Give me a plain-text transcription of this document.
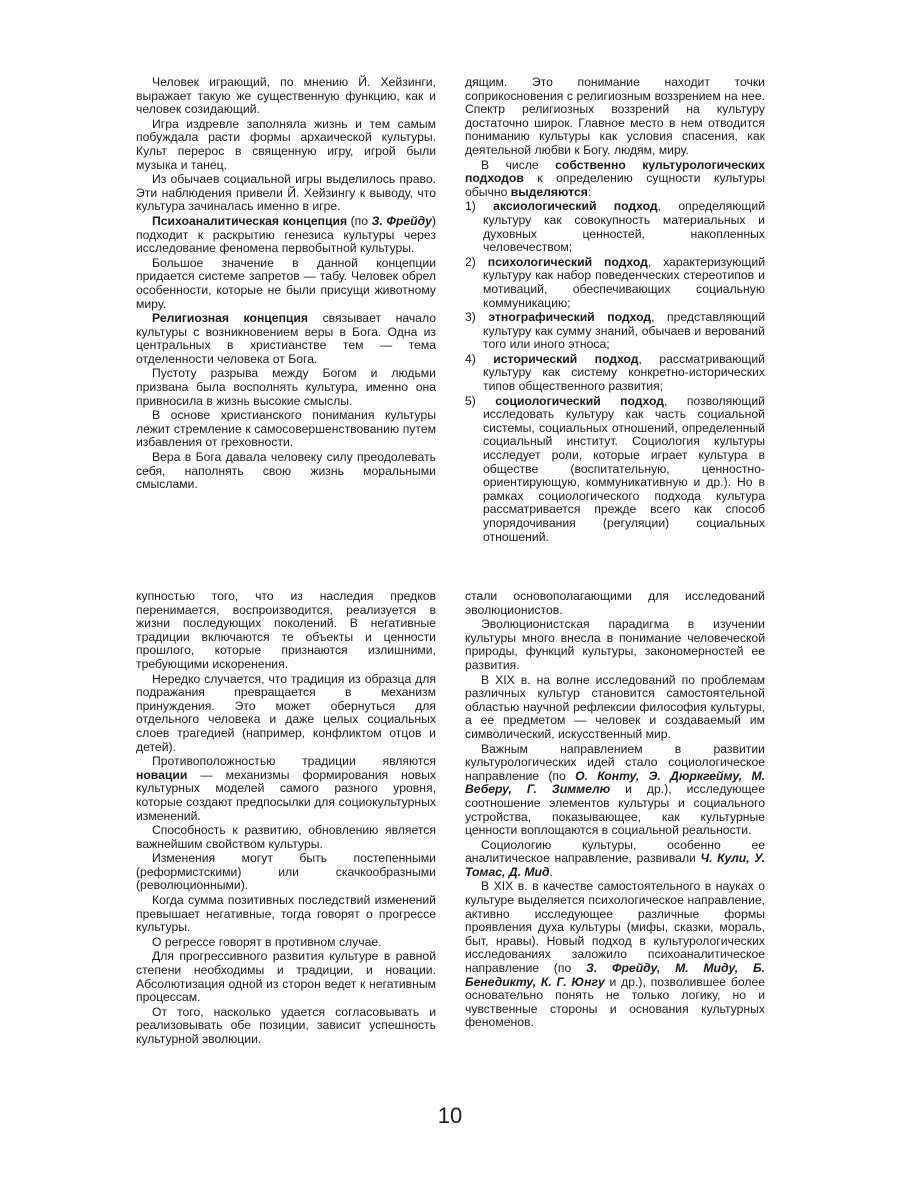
Человек играющий, по мнению Й. Хейзинги, выражает такую же существенную функцию, как и человек созидающий.

Игра издревле заполняла жизнь и тем самым побуждала расти формы архаической культуры. Культ перерос в священную игру, игрой были музыка и танец.

Из обычаев социальной игры выделилось право. Эти наблюдения привели Й. Хейзингу к выводу, что культура зачиналась именно в игре.

Психоаналитическая концепция (по З. Фрейду) подходит к раскрытию генезиса культуры через исследование феномена первобытной культуры.

Большое значение в данной концепции придается системе запретов — табу. Человек обрел особенности, которые не были присущи животному миру.

Религиозная концепция связывает начало культуры с возникновением веры в Бога. Одна из центральных в христианстве тем — тема отделенности человека от Бога.

Пустоту разрыва между Богом и людьми призвана была восполнять культура, именно она привносила в жизнь высокие смыслы.

В основе христианского понимания культуры лежит стремление к самосовершенствованию путем избавления от греховности.

Вера в Бога давала человеку силу преодолевать себя, наполнять свою жизнь моральными смыслами.

дящим. Это понимание находит точки соприкосновения с религиозным воззрением на нее. Спектр религиозных воззрений на культуру достаточно широк. Главное место в нем отводится пониманию культуры как условия спасения, как деятельной любви к Богу, людям, миру.

В числе собственно культурологических подходов к определению сущности культуры обычно выделяются:

1) аксиологический подход, определяющий культуру как совокупность материальных и духовных ценностей, накопленных человечеством;
2) психологический подход, характеризующий культуру как набор поведенческих стереотипов и мотиваций, обеспечивающих социальную коммуникацию;
3) этнографический подход, представляющий культуру как сумму знаний, обычаев и верований того или иного этноса;
4) исторический подход, рассматривающий культуру как систему конкретно-исторических типов общественного развития;
5) социологический подход, позволяющий исследовать культуру как часть социальной системы, социальных отношений, определенный социальный институт. Социология культуры исследует роли, которые играет культура в обществе (воспитательную, ценностно-ориентирующую, коммуникативную и др.). Но в рамках социологического подхода культура рассматривается прежде всего как способ упорядочивания (регуляции) социальных отношений.

купностью того, что из наследия предков перенимается, воспроизводится, реализуется в жизни последующих поколений. В негативные традиции включаются те объекты и ценности прошлого, которые признаются излишними, требующими искоренения.

Нередко случается, что традиция из образца для подражания превращается в механизм принуждения. Это может обернуться для отдельного человека и даже целых социальных слоев трагедией (например, конфликтом отцов и детей).

Противоположностью традиции являются новации — механизмы формирования новых культурных моделей самого разного уровня, которые создают предпосылки для социокультурных изменений.

Способность к развитию, обновлению является важнейшим свойством культуры.

Изменения могут быть постепенными (реформистскими) или скачкообразными (революционными).

Когда сумма позитивных последствий изменений превышает негативные, тогда говорят о прогрессе культуры.

О регрессе говорят в противном случае.

Для прогрессивного развития культуре в равной степени необходимы и традиции, и новации. Абсолютизация одной из сторон ведет к негативным процессам.

От того, насколько удается согласовывать и реализовывать обе позиции, зависит успешность культурной эволюции.

стали основополагающими для исследований эволюционистов.

Эволюционистская парадигма в изучении культуры много внесла в понимание человеческой природы, функций культуры, закономерностей ее развития.

В XIX в. на волне исследований по проблемам различных культур становится самостоятельной областью научной рефлексии философия культуры, а ее предметом — человек и создаваемый им символический, искусственный мир.

Важным направлением в развитии культурологических идей стало социологическое направление (по О. Конту, Э. Дюркгейму, М. Веберу, Г. Зиммелю и др.), исследующее соотношение элементов культуры и социального устройства, показывающее, как культурные ценности воплощаются в социальной реальности.

Социологию культуры, особенно ее аналитическое направление, развивали Ч. Кули, У. Томас, Д. Мид.

В XIX в. в качестве самостоятельного в науках о культуре выделяется психологическое направление, активно исследующее различные формы проявления духа культуры (мифы, сказки, мораль, быт, нравы). Новый подход в культурологических исследованиях заложило психоаналитическое направление (по З. Фрейду, М. Миду, Б. Бенедикту, К. Г. Юнгу и др.), позволившее более основательно понять не только логику, но и чувственные стороны и основания культурных феноменов.

10
